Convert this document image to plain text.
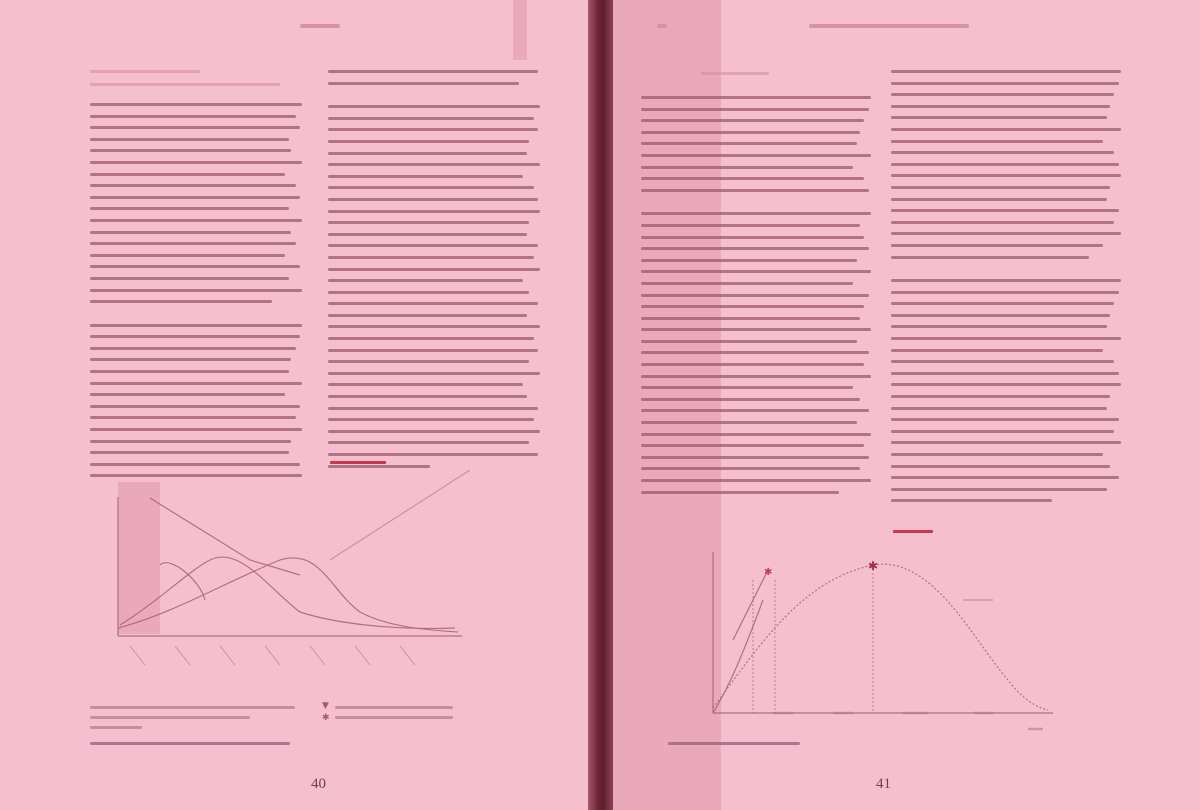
▼
✱
40
✱	✱
41
